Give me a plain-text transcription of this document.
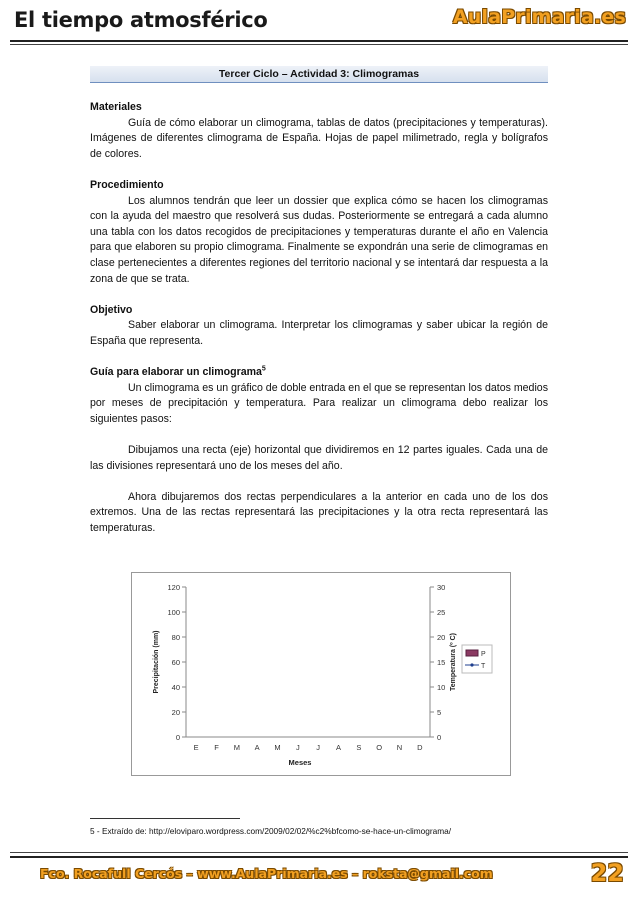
El tiempo atmosférico	AulaPrimaria.es
Tercer Ciclo – Actividad 3: Climogramas
Materiales

Guía de cómo elaborar un climograma, tablas de datos (precipitaciones y temperaturas). Imágenes de diferentes climograma de España. Hojas de papel milimetrado, regla y bolígrafos de colores.

Procedimiento

Los alumnos tendrán que leer un dossier que explica cómo se hacen los climogramas con la ayuda del maestro que resolverá sus dudas. Posteriormente se entregará a cada alumno una tabla con los datos recogidos de precipitaciones y temperaturas durante el año en Valencia para que elaboren su propio climograma. Finalmente se expondrán una serie de climogramas en clase pertenecientes a diferentes regiones del territorio nacional y se intentará dar respuesta a la zona de que se trata.

Objetivo

Saber elaborar un climograma. Interpretar los climogramas y saber ubicar la región de España que representa.

Guía para elaborar un climograma$^5$

Un climograma es un gráfico de doble entrada en el que se representan los datos medios por meses de precipitación y temperatura. Para realizar un climograma debo realizar los siguientes pasos:

Dibujamos una recta (eje) horizontal que dividiremos en 12 partes iguales. Cada una de las divisiones representará uno de los meses del año.

Ahora dibujaremos dos rectas perpendiculares a la anterior en cada uno de los dos extremos. Una de las rectas representará las precipitaciones y la otra recta representará las temperaturas.

0
20
40
60
80
100
120
0
5
10
15
20
25
30
E F M A M J J A S O N D
Meses
Precipitación (mm)	Temperatura (º C)	P
T
5 - Extraído de: http://eloviparo.wordpress.com/2009/02/02/%c2%bfcomo-se-hace-un-climograma/
Fco. Rocafull Cercós – www.AulaPrimaria.es – roksta@gmail.com	22
